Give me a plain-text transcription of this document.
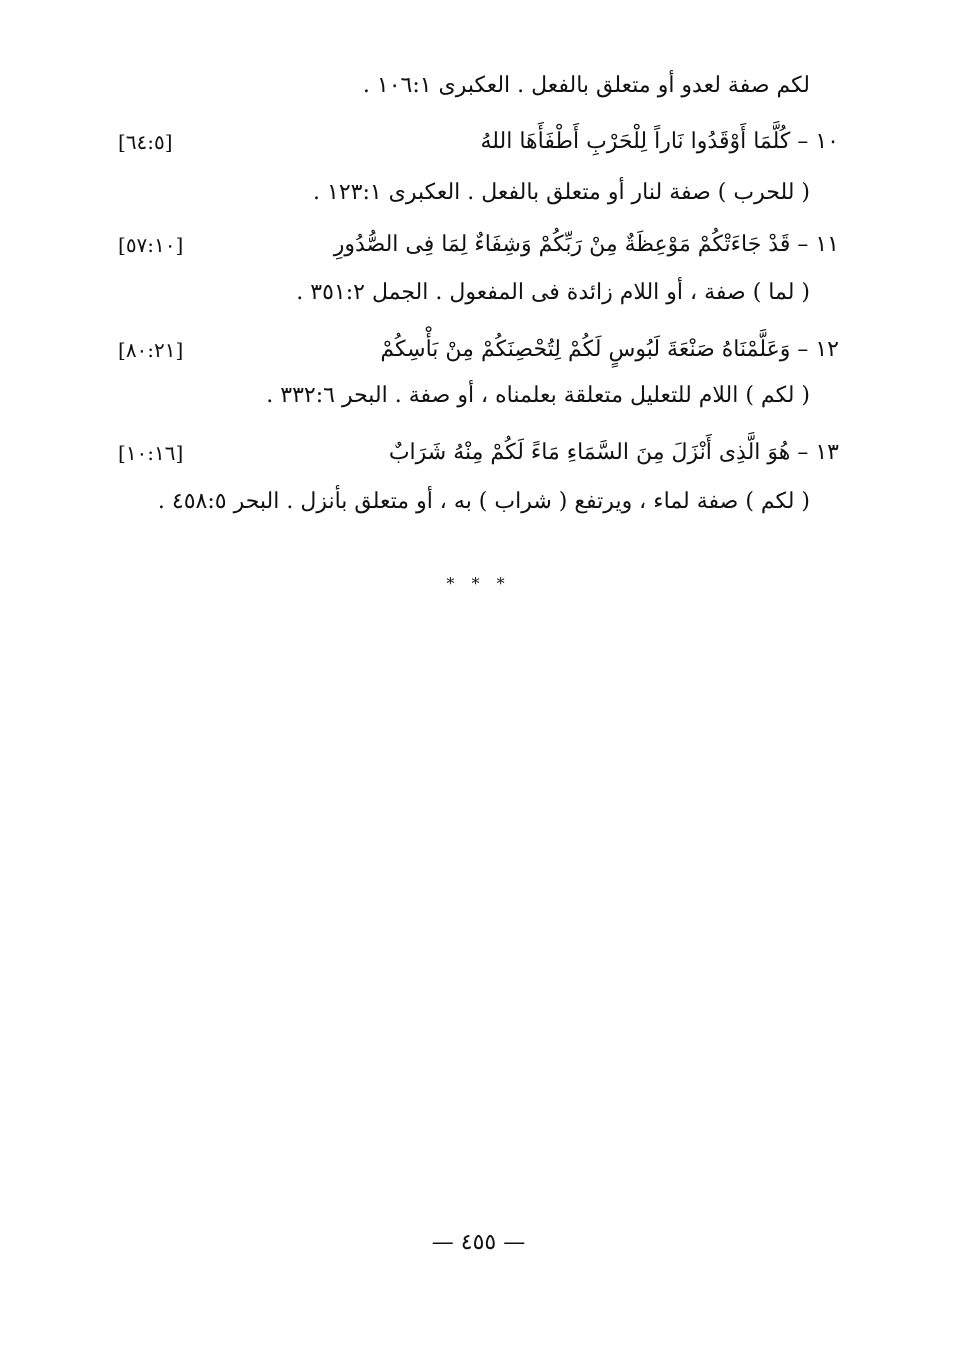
لكم صفة لعدو أو متعلق بالفعل . العكبرى ١٠٦:١ .
١٠ – كُلَّمَا أَوْقَدُوا نَاراً لِلْحَرْبِ أَطْفَأَهَا اللهُ
[٦٤:٥]
( للحرب ) صفة لنار أو متعلق بالفعل . العكبرى ١٢٣:١ .
١١ – قَدْ جَاءَتْكُمْ مَوْعِظَةٌ مِنْ رَبِّكُمْ وَشِفَاءٌ لِمَا فِى الصُّدُورِ
[٥٧:١٠]
( لما ) صفة ، أو اللام زائدة فى المفعول . الجمل ٣٥١:٢ .
١٢ – وَعَلَّمْنَاهُ صَنْعَةَ لَبُوسٍ لَكُمْ لِتُحْصِنَكُمْ مِنْ بَأْسِكُمْ
[٨٠:٢١]
( لكم ) اللام للتعليل متعلقة بعلمناه ، أو صفة . البحر ٣٣٢:٦ .
١٣ – هُوَ الَّذِى أَنْزَلَ مِنَ السَّمَاءِ مَاءً لَكُمْ مِنْهُ شَرَابٌ
[١٠:١٦]
( لكم ) صفة لماء ، ويرتفع ( شراب ) به ، أو متعلق بأنزل . البحر ٤٥٨:٥ .
* * *
— ٤٥٥ —
